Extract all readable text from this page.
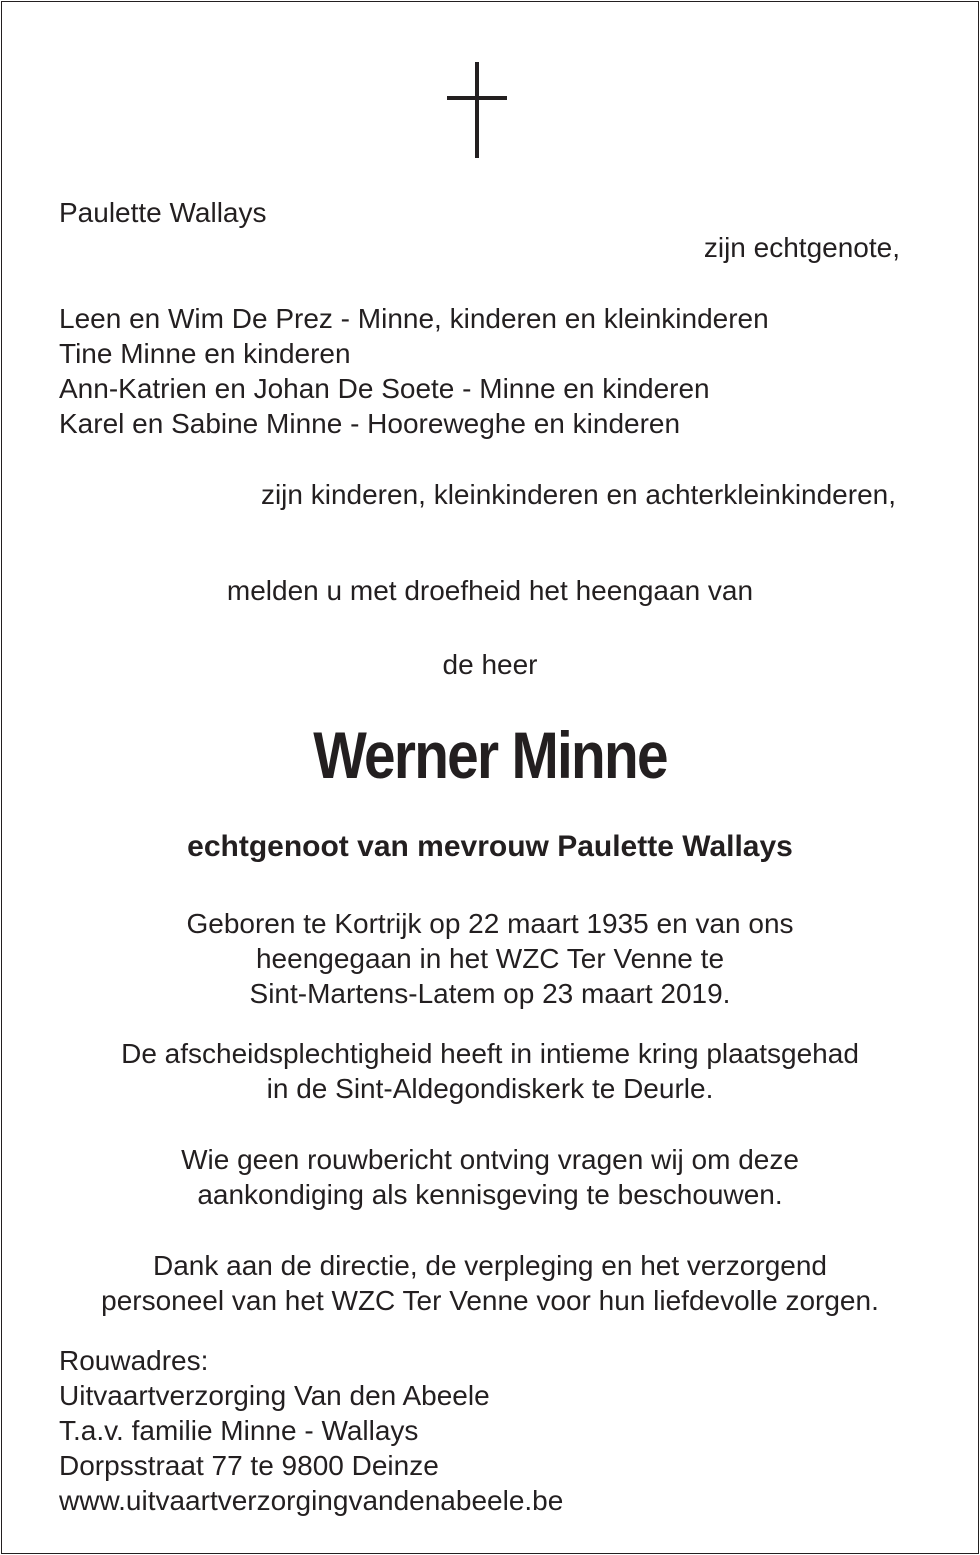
Paulette Wallays

zijn echtgenote,

Leen en Wim De Prez - Minne, kinderen en kleinkinderen

Tine Minne en kinderen

Ann-Katrien en Johan De Soete - Minne en kinderen

Karel en Sabine Minne - Hooreweghe en kinderen

zijn kinderen, kleinkinderen en achterkleinkinderen,

melden u met droefheid het heengaan van

de heer

Werner Minne

echtgenoot van mevrouw Paulette Wallays

Geboren te Kortrijk op 22 maart 1935 en van ons

heengegaan in het WZC Ter Venne te

Sint-Martens-Latem op 23 maart 2019.

De afscheidsplechtigheid heeft in intieme kring plaatsgehad

in de Sint-Aldegondiskerk te Deurle.

Wie geen rouwbericht ontving vragen wij om deze

aankondiging als kennisgeving te beschouwen.

Dank aan de directie, de verpleging en het verzorgend

personeel van het WZC Ter Venne voor hun liefdevolle zorgen.

Rouwadres:

Uitvaartverzorging Van den Abeele

T.a.v. familie Minne - Wallays

Dorpsstraat 77 te 9800 Deinze

www.uitvaartverzorgingvandenabeele.be
